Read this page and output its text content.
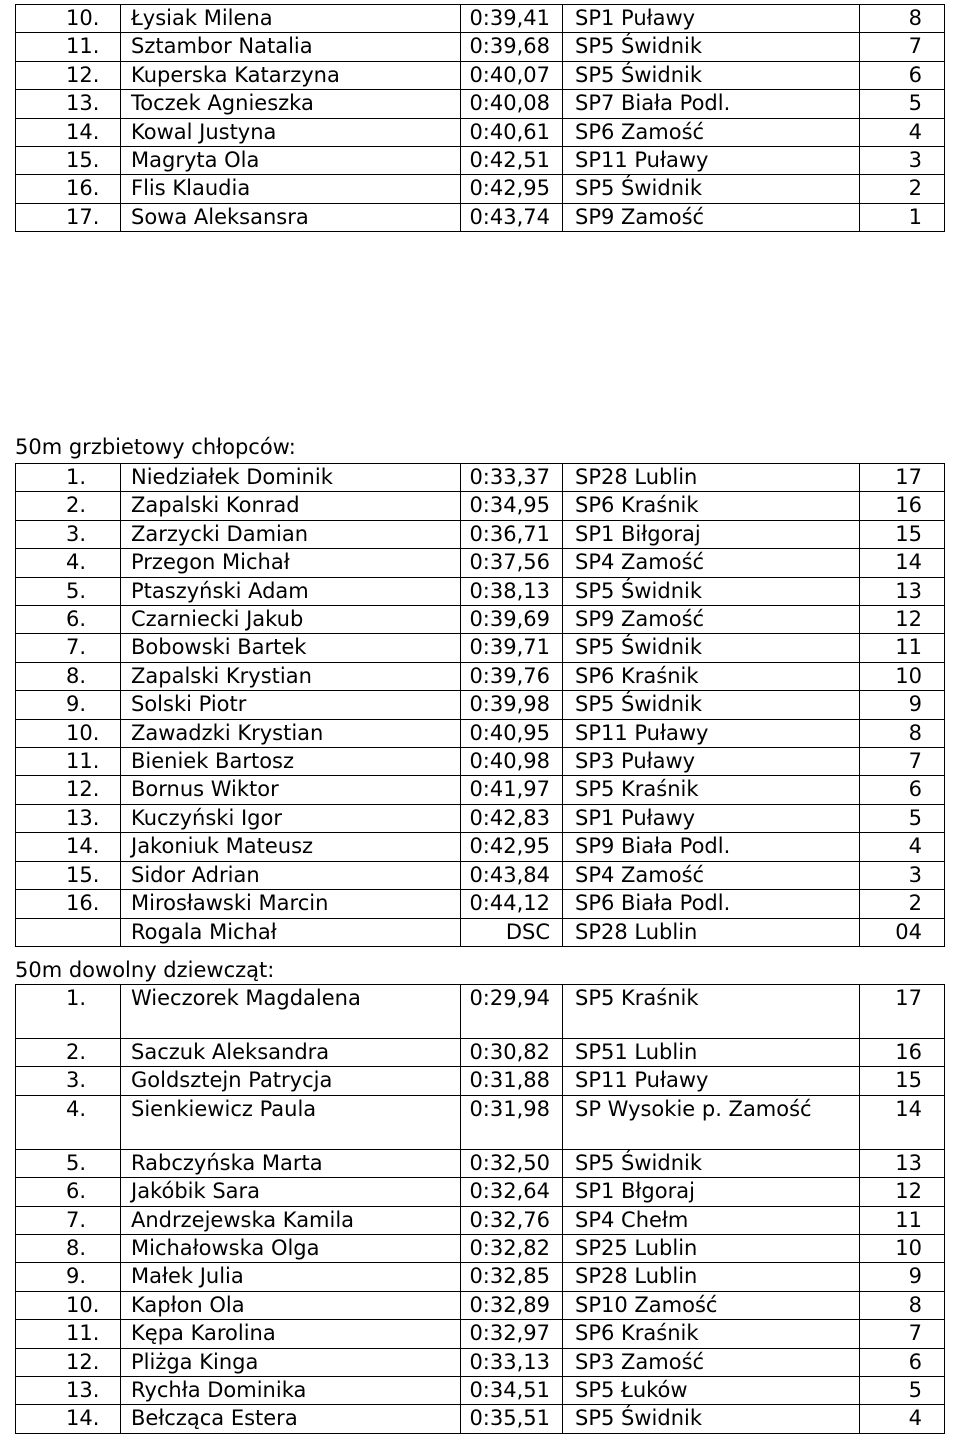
10.	Łysiak Milena	0:39,41	SP1 Puławy	8
11.	Sztambor Natalia	0:39,68	SP5 Świdnik	7
12.	Kuperska Katarzyna	0:40,07	SP5 Świdnik	6
13.	Toczek Agnieszka	0:40,08	SP7 Biała Podl.	5
14.	Kowal Justyna	0:40,61	SP6 Zamość	4
15.	Magryta Ola	0:42,51	SP11 Puławy	3
16.	Flis Klaudia	0:42,95	SP5 Świdnik	2
17.	Sowa Aleksansra	0:43,74	SP9 Zamość	1
50m grzbietowy chłopców:
1.	Niedziałek Dominik	0:33,37	SP28 Lublin	17
2.	Zapalski Konrad	0:34,95	SP6 Kraśnik	16
3.	Zarzycki Damian	0:36,71	SP1 Biłgoraj	15
4.	Przegon Michał	0:37,56	SP4 Zamość	14
5.	Ptaszyński Adam	0:38,13	SP5 Świdnik	13
6.	Czarniecki Jakub	0:39,69	SP9 Zamość	12
7.	Bobowski Bartek	0:39,71	SP5 Świdnik	11
8.	Zapalski Krystian	0:39,76	SP6 Kraśnik	10
9.	Solski Piotr	0:39,98	SP5 Świdnik	9
10.	Zawadzki Krystian	0:40,95	SP11 Puławy	8
11.	Bieniek Bartosz	0:40,98	SP3 Puławy	7
12.	Bornus Wiktor	0:41,97	SP5 Kraśnik	6
13.	Kuczyński Igor	0:42,83	SP1 Puławy	5
14.	Jakoniuk Mateusz	0:42,95	SP9 Biała Podl.	4
15.	Sidor Adrian	0:43,84	SP4 Zamość	3
16.	Mirosławski Marcin	0:44,12	SP6 Biała Podl.	2
	Rogala Michał	DSC	SP28 Lublin	04
50m dowolny dziewcząt:
1.	Wieczorek Magdalena	0:29,94	SP5 Kraśnik	17
2.	Saczuk Aleksandra	0:30,82	SP51 Lublin	16
3.	Goldsztejn Patrycja	0:31,88	SP11 Puławy	15
4.	Sienkiewicz Paula	0:31,98	SP Wysokie p. Zamość	14
5.	Rabczyńska Marta	0:32,50	SP5 Świdnik	13
6.	Jakóbik Sara	0:32,64	SP1 Błgoraj	12
7.	Andrzejewska Kamila	0:32,76	SP4 Chełm	11
8.	Michałowska Olga	0:32,82	SP25 Lublin	10
9.	Małek Julia	0:32,85	SP28 Lublin	9
10.	Kapłon Ola	0:32,89	SP10 Zamość	8
11.	Kępa Karolina	0:32,97	SP6 Kraśnik	7
12.	Pliżga Kinga	0:33,13	SP3 Zamość	6
13.	Rychła Dominika	0:34,51	SP5 Łuków	5
14.	Bełcząca Estera	0:35,51	SP5 Świdnik	4
